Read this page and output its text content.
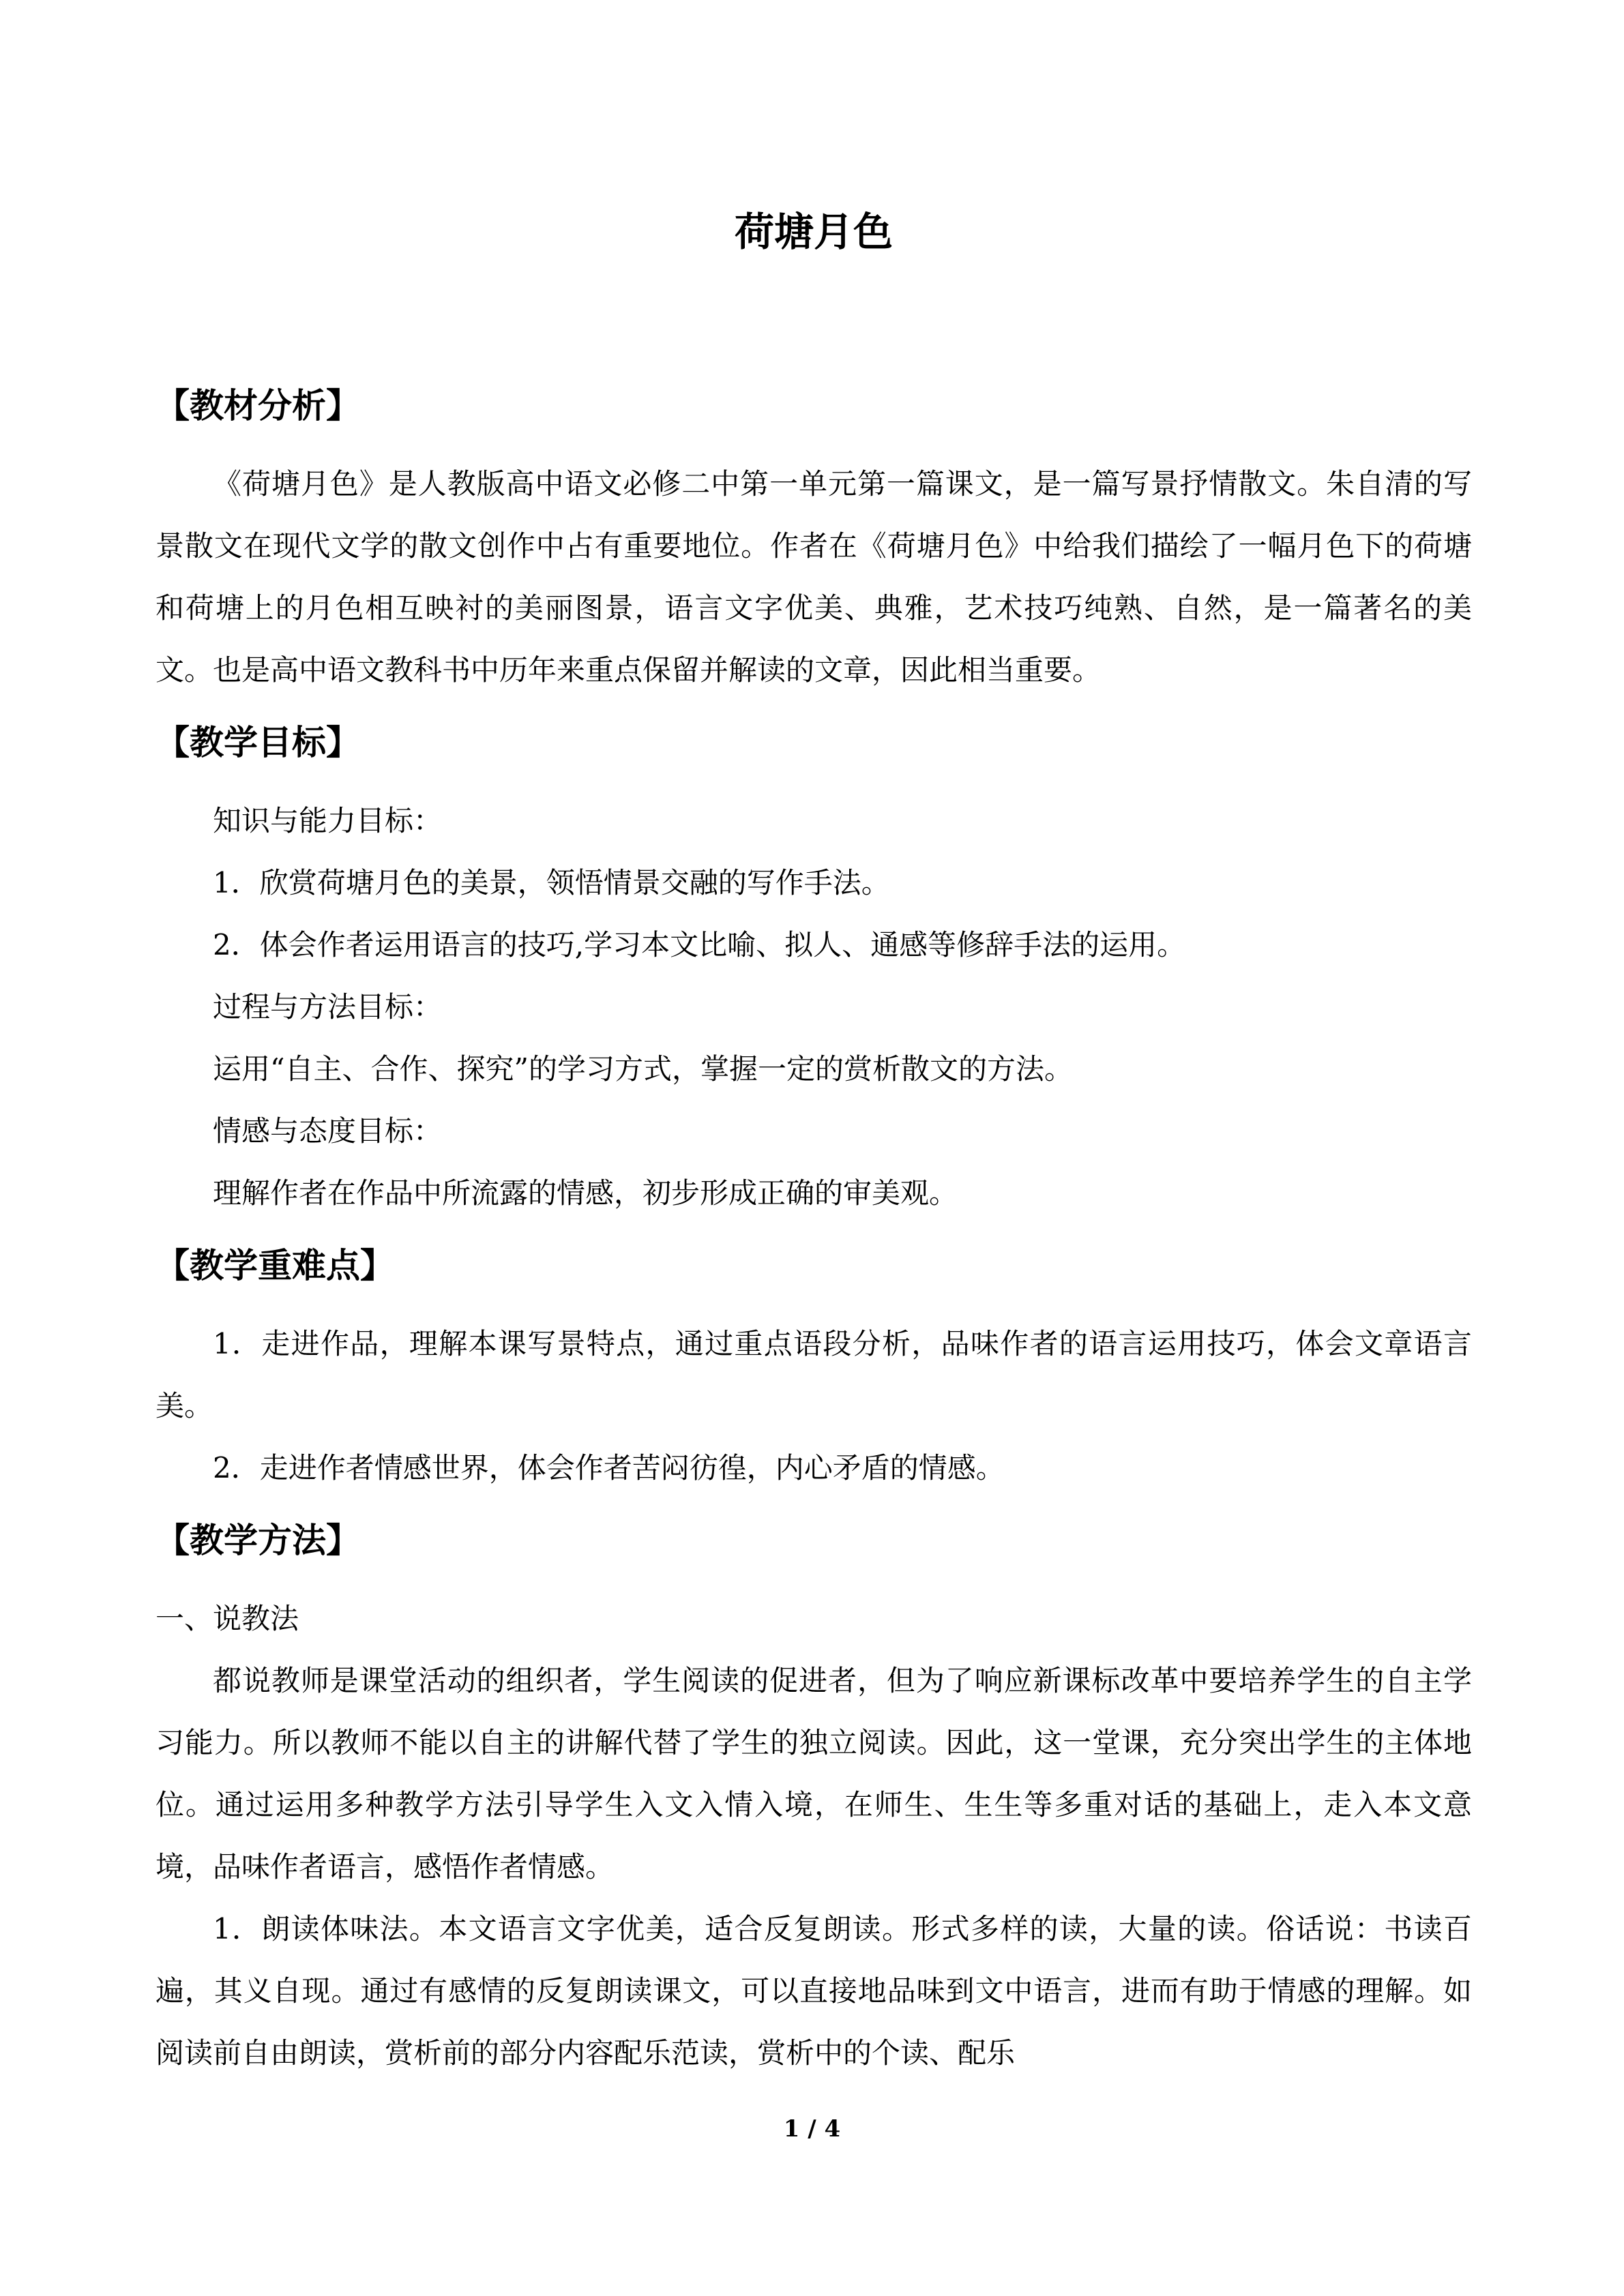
荷塘月色
【教材分析】

《荷塘月色》是人教版高中语文必修二中第一单元第一篇课文，是一篇写景抒情散文。朱自清的写景散文在现代文学的散文创作中占有重要地位。作者在《荷塘月色》中给我们描绘了一幅月色下的荷塘和荷塘上的月色相互映衬的美丽图景，语言文字优美、典雅，艺术技巧纯熟、自然，是一篇著名的美文。也是高中语文教科书中历年来重点保留并解读的文章，因此相当重要。

【教学目标】
知识与能力目标：
1．欣赏荷塘月色的美景，领悟情景交融的写作手法。
2．体会作者运用语言的技巧,学习本文比喻、拟人、通感等修辞手法的运用。
过程与方法目标：
运用“自主、合作、探究”的学习方式，掌握一定的赏析散文的方法。
情感与态度目标：
理解作者在作品中所流露的情感，初步形成正确的审美观。
【教学重难点】

1．走进作品，理解本课写景特点，通过重点语段分析，品味作者的语言运用技巧，体会文章语言美。

2．走进作者情感世界，体会作者苦闷彷徨，内心矛盾的情感。

【教学方法】

一、说教法

都说教师是课堂活动的组织者，学生阅读的促进者，但为了响应新课标改革中要培养学生的自主学习能力。所以教师不能以自主的讲解代替了学生的独立阅读。因此，这一堂课，充分突出学生的主体地位。通过运用多种教学方法引导学生入文入情入境，在师生、生生等多重对话的基础上，走入本文意境，品味作者语言，感悟作者情感。

1．朗读体味法。本文语言文字优美，适合反复朗读。形式多样的读，大量的读。俗话说：书读百遍，其义自现。通过有感情的反复朗读课文，可以直接地品味到文中语言，进而有助于情感的理解。如阅读前自由朗读，赏析前的部分内容配乐范读，赏析中的个读、配乐

1 / 4
